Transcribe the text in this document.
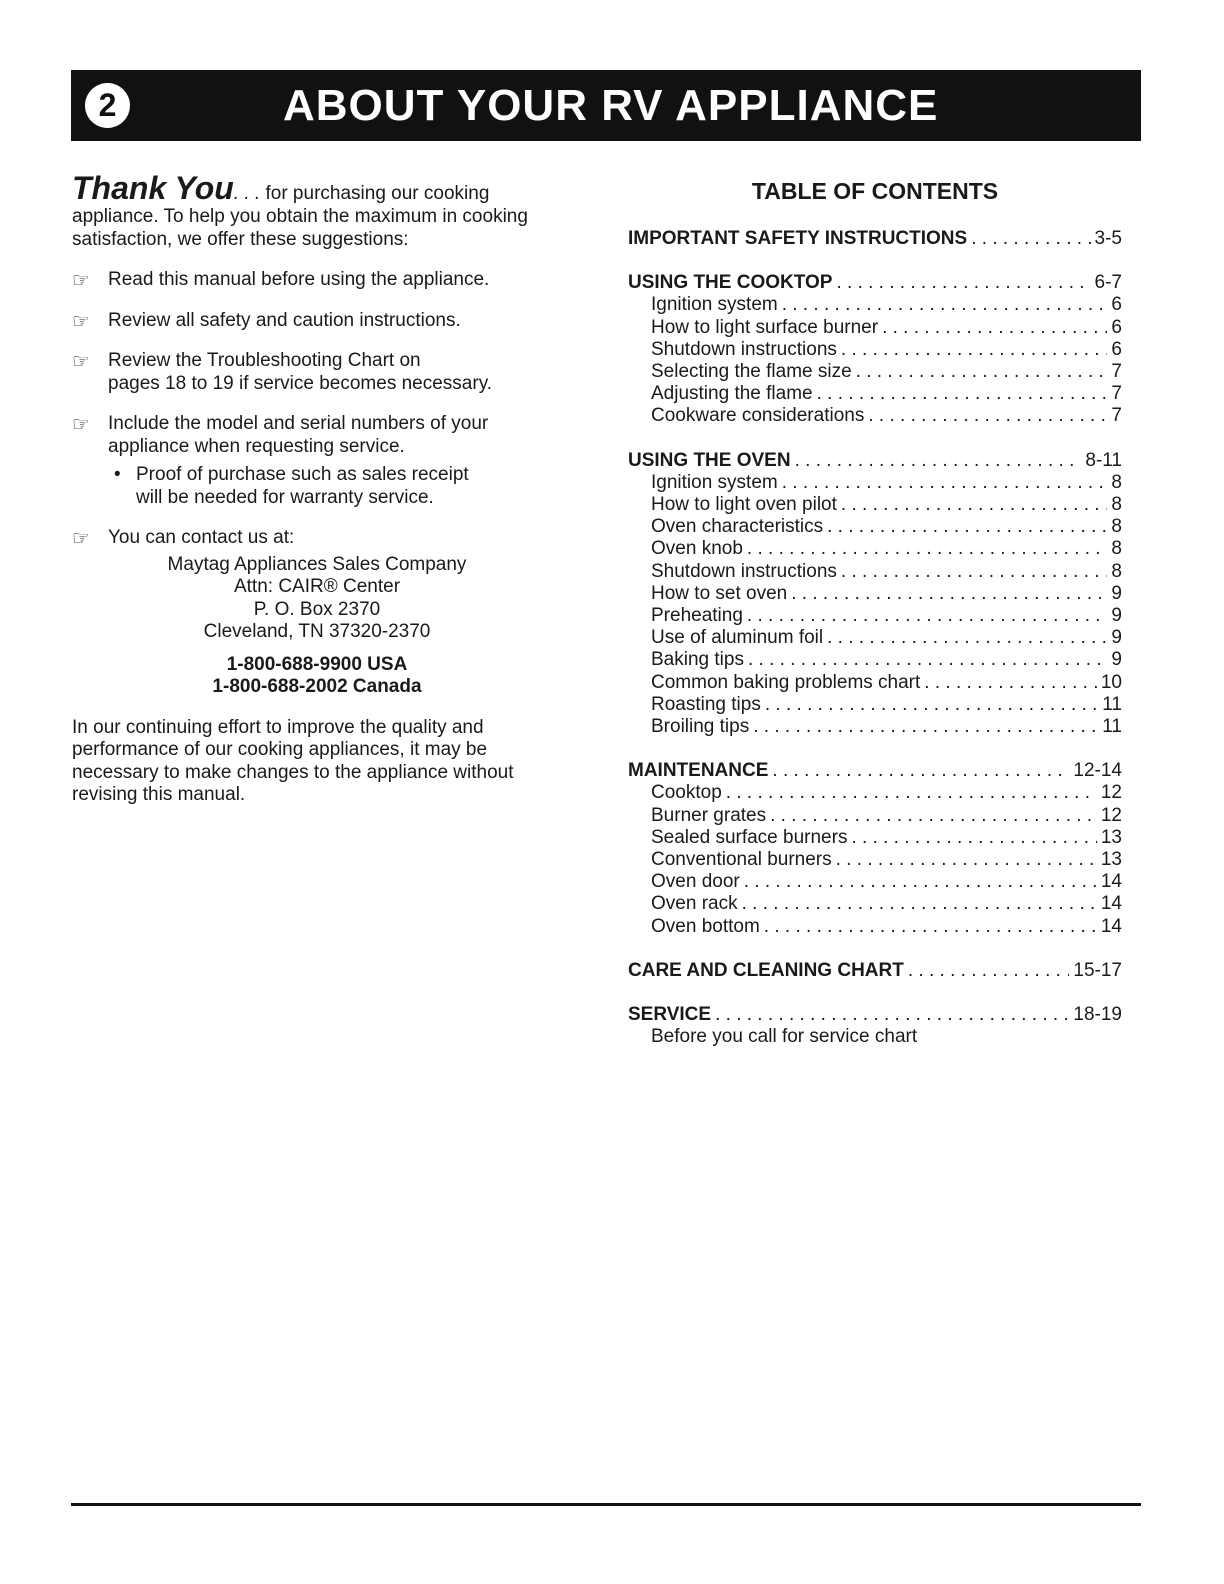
2	ABOUT YOUR RV APPLIANCE

Thank You. . . for purchasing our cooking

appliance. To help you obtain the maximum in cooking satisfaction, we offer these suggestions:

☞ Read this manual before using the appliance.
☞ Review all safety and caution instructions.
☞ Review the Troubleshooting Chart on
pages 18 to 19 if service becomes necessary.
☞ Include the model and serial numbers of your
appliance when requesting service.
• Proof of purchase such as sales receipt
will be needed for warranty service.
☞ You can contact us at:
Maytag Appliances Sales Company
Attn: CAIR® Center
P. O. Box 2370
Cleveland, TN 37320-2370
1-800-688-9900 USA
1-800-688-2002 Canada

In our continuing effort to improve the quality and performance of our cooking appliances, it may be necessary to make changes to the appliance without revising this manual.

TABLE OF CONTENTS
IMPORTANT SAFETY INSTRUCTIONS . . .	3-5
USING THE COOKTOP . . .	6-7
Ignition system . . .	6
How to light surface burner . . .	6
Shutdown instructions . . .	6
Selecting the flame size . . .	7
Adjusting the flame . . .	7
Cookware considerations . . .	7
USING THE OVEN . . .	8-11
Ignition system . . .	8
How to light oven pilot . . .	8
Oven characteristics . . .	8
Oven knob . . .	8
Shutdown instructions . . .	8
How to set oven . . .	9
Preheating . . .	9
Use of aluminum foil . . .	9
Baking tips . . .	9
Common baking problems chart . . .	10
Roasting tips . . .	11
Broiling tips . . .	11
MAINTENANCE . . .	12-14
Cooktop . . .	12
Burner grates . . .	12
Sealed surface burners . . .	13
Conventional burners . . .	13
Oven door . . .	14
Oven rack . . .	14
Oven bottom . . .	14
CARE AND CLEANING CHART . . .	15-17
SERVICE . . .	18-19
Before you call for service chart
